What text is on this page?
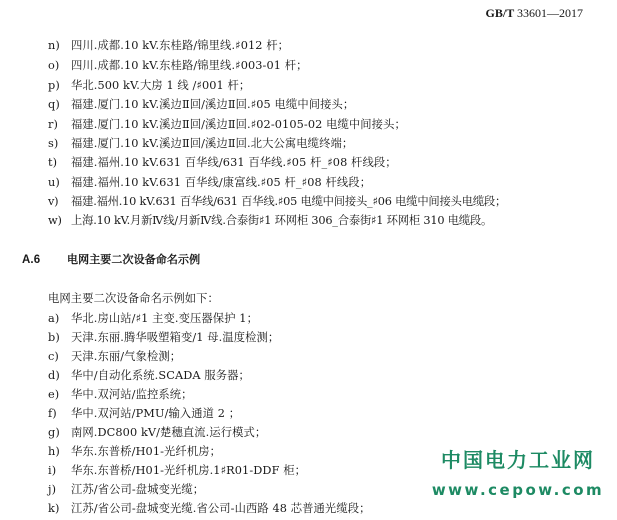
GB/T 33601—2017
n) 四川.成都.10 kV.东桂路/锦里线.♯012 杆；
o) 四川.成都.10 kV.东桂路/锦里线.♯003-01 杆；
p) 华北.500 kV.大房 1 线 /♯001 杆；
q) 福建.厦门.10 kV.溪边Ⅱ回/溪边Ⅱ回.♯05 电缆中间接头；
r) 福建.厦门.10 kV.溪边Ⅱ回/溪边Ⅱ回.♯02-0105-02 电缆中间接头；
s) 福建.厦门.10 kV.溪边Ⅱ回/溪边Ⅱ回.北大公寓电缆终端；
t) 福建.福州.10 kV.631 百华线/631 百华线.♯05 杆_♯08 杆线段；
u) 福建.福州.10 kV.631 百华线/康富线.♯05 杆_♯08 杆线段；
v) 福建.福州.10 kV.631 百华线/631 百华线.♯05 电缆中间接头_♯06 电缆中间接头电缆段；
w) 上海.10 kV.月新Ⅳ线/月新Ⅳ线.合泰街♯1 环网柜 306_合泰街♯1 环网柜 310 电缆段。
A.6 电网主要二次设备命名示例
电网主要二次设备命名示例如下：
a) 华北.房山站/♯1 主变.变压器保护 1；
b) 天津.东丽.腾华吸塑箱变/1 母.温度检测；
c) 天津.东丽/气象检测；
d) 华中/自动化系统.SCADA 服务器；
e) 华中.双河站/监控系统；
f) 华中.双河站/PMU/输入通道 2 ；
g) 南网.DC800 kV/楚穗直流.运行模式；
h) 华东.东普桥/H01-光纤机房；
i) 华东.东普桥/H01-光纤机房.1♯R01-DDF 柜；
j) 江苏/省公司-盘城变光缆；
k) 江苏/省公司-盘城变光缆.省公司-山西路 48 芯普通光缆段；
中国电力工业网
www.cepow.com
